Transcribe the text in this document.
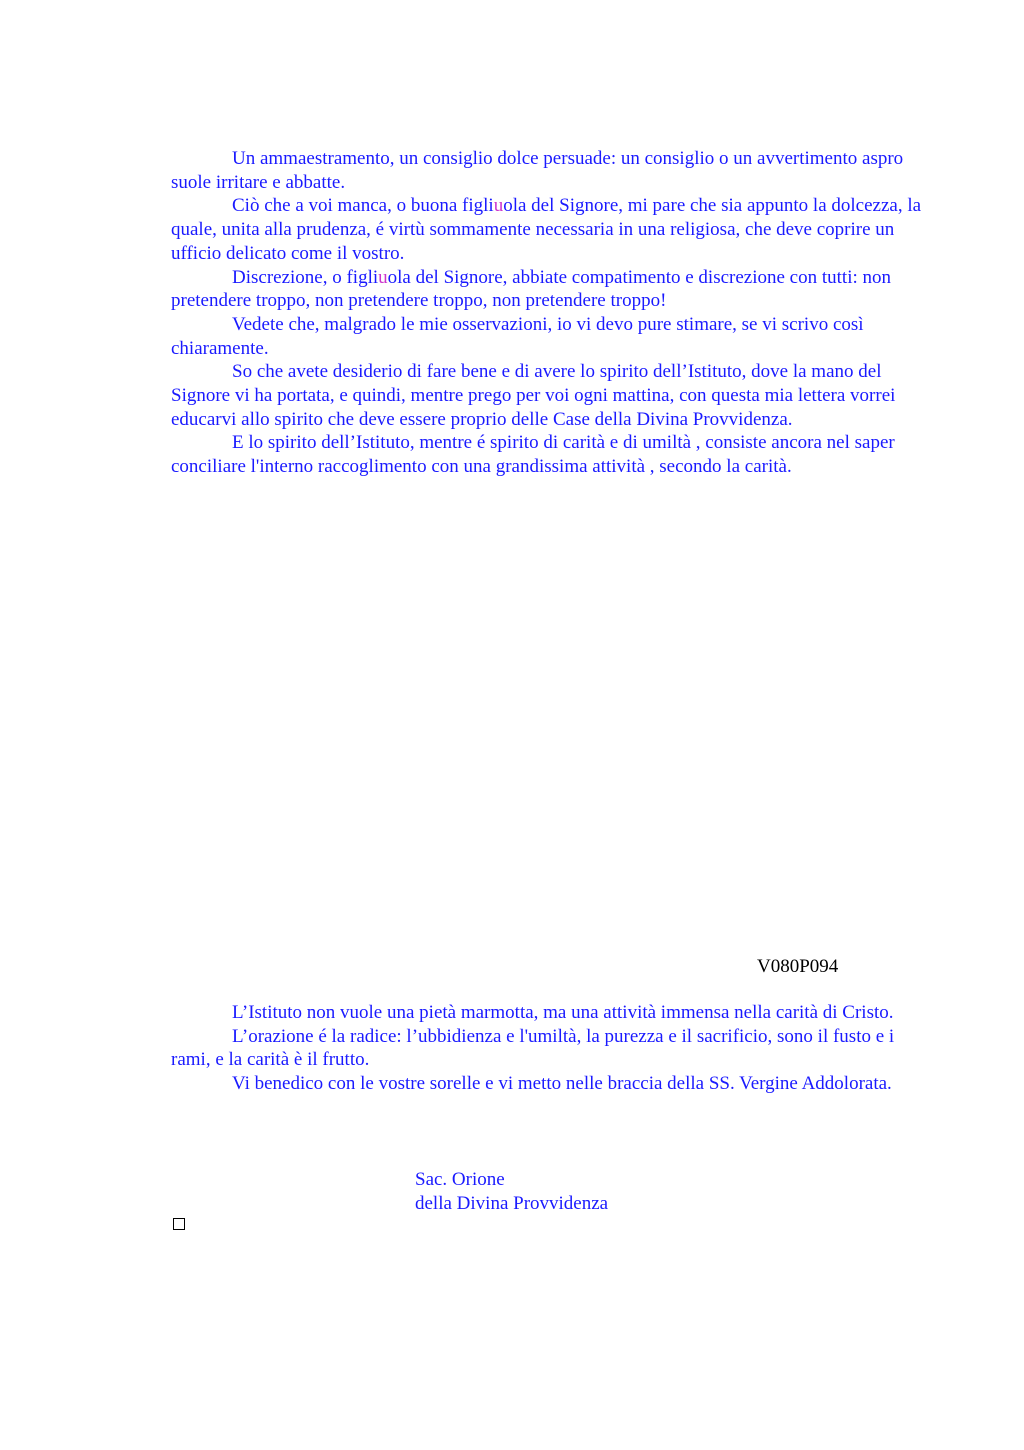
Un ammaestramento, un consiglio dolce persuade: un consiglio o un avvertimento aspro suole irritare e abbatte.

Ciò che a voi manca, o buona figliuola del Signore, mi pare che sia appunto la dolcezza, la quale, unita alla prudenza, é virtù sommamente necessaria in una religiosa, che deve coprire un ufficio delicato come il vostro.

Discrezione, o figliuola del Signore, abbiate compatimento e discrezione con tutti: non pretendere troppo, non pretendere troppo, non pretendere troppo!

Vedete che, malgrado le mie osservazioni, io vi devo pure stimare, se vi scrivo così chiaramente.

So che avete desiderio di fare bene e di avere lo spirito dell’Istituto, dove la mano del Signore vi ha portata, e quindi, mentre prego per voi ogni mattina, con questa mia lettera vorrei educarvi allo spirito che deve essere proprio delle Case della Divina Provvidenza.

E lo spirito dell’Istituto, mentre é spirito di carità e di umiltà , consiste ancora nel saper conciliare l'interno raccoglimento con una grandissima attività , secondo la carità.

V080P094

L’Istituto non vuole una pietà marmotta, ma una attività immensa nella carità di Cristo.

L’orazione é la radice: l’ubbidienza e l'umiltà, la purezza e il sacrificio, sono il fusto e i rami, e la carità è il frutto.

Vi benedico con le vostre sorelle e vi metto nelle braccia della SS. Vergine Addolorata.

Sac. Orione
della Divina Provvidenza
